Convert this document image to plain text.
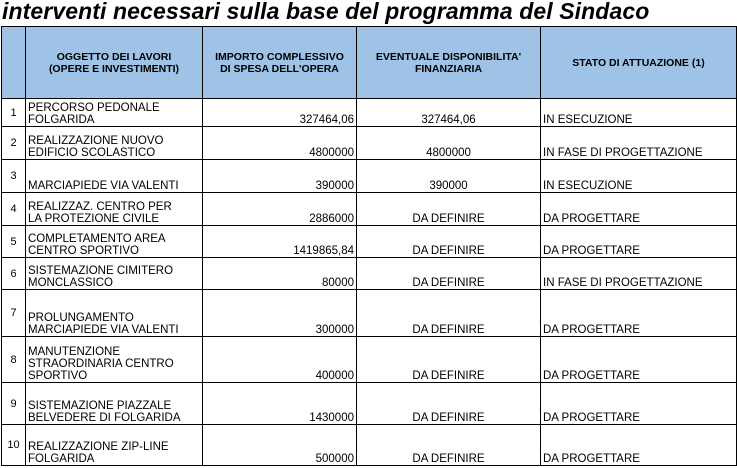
interventi necessari sulla base del programma del Sindaco
	OGGETTO DEI LAVORI (OPERE E INVESTIMENTI)	IMPORTO COMPLESSIVO DI SPESA DELL'OPERA	EVENTUALE DISPONIBILITA' FINANZIARIA	STATO DI ATTUAZIONE (1)
1	PERCORSO PEDONALE
FOLGARIDA	327464,06	327464,06	IN ESECUZIONE
2	REALIZZAZIONE NUOVO
EDIFICIO SCOLASTICO	4800000	4800000	IN FASE DI PROGETTAZIONE
3	MARCIAPIEDE VIA VALENTI	390000	390000	IN ESECUZIONE
4	REALIZZAZ. CENTRO PER
LA PROTEZIONE CIVILE	2886000	DA DEFINIRE	DA PROGETTARE
5	COMPLETAMENTO AREA
CENTRO SPORTIVO	1419865,84	DA DEFINIRE	DA PROGETTARE
6	SISTEMAZIONE CIMITERO
MONCLASSICO	80000	DA DEFINIRE	IN FASE DI PROGETTAZIONE
7	PROLUNGAMENTO
MARCIAPIEDE VIA VALENTI	300000	DA DEFINIRE	DA PROGETTARE
8	MANUTENZIONE
STRAORDINARIA CENTRO
SPORTIVO	400000	DA DEFINIRE	DA PROGETTARE
9	SISTEMAZIONE PIAZZALE
BELVEDERE DI FOLGARIDA	1430000	DA DEFINIRE	DA PROGETTARE
10	REALIZZAZIONE ZIP-LINE
FOLGARIDA	500000	DA DEFINIRE	DA PROGETTARE
